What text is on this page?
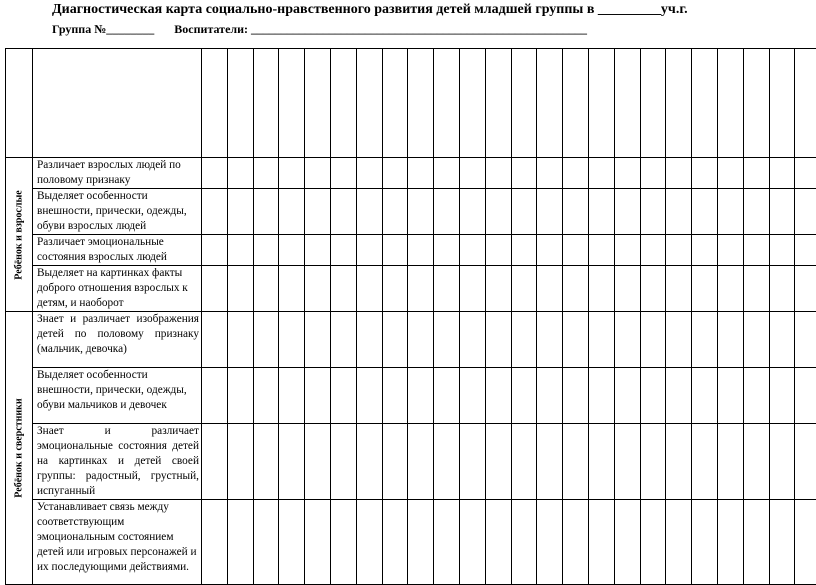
Диагностическая карта социально-нравственного развития детей младшей группы в _________уч.г.
Группа №________ Воспитатели: ________________________________________________________

Ребёнок и взрослые	Различает взрослых людей по половому признаку																								
	Выделяет особенности внешности, прически, одежды, обуви взрослых людей																								
	Различает эмоциональные состояния взрослых людей																								
	Выделяет на картинках факты доброго отношения взрослых к детям, и наоборот																								

Ребёнок и сверстники	Знает и различает изображения детей по половому признаку (мальчик, девочка)																								
	Выделяет особенности внешности, прически, одежды, обуви мальчиков и девочек																								
	Знает и различает эмоциональные состояния детей на картинках и детей своей группы: радостный, грустный, испуганный																								
	Устанавливает связь между соответствующим эмоциональным состоянием детей или игровых персонажей и их последующими действиями.																								
